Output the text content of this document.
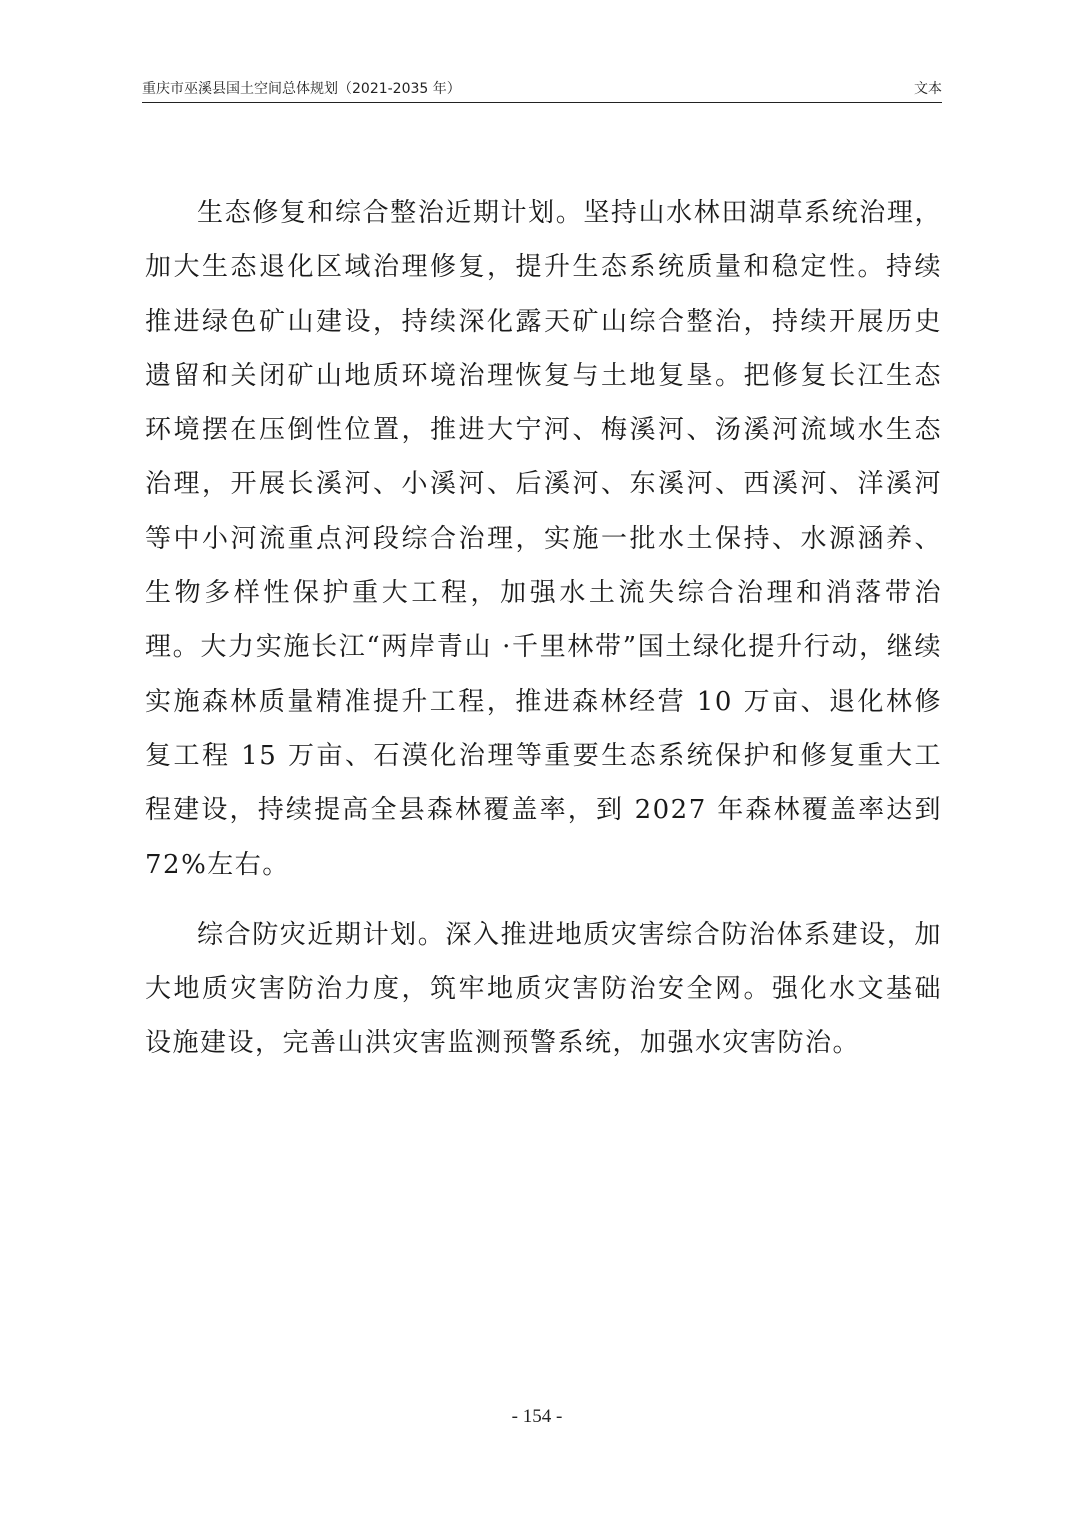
重庆市巫溪县国土空间总体规划（2021-2035 年）	文本

生态修复和综合整治近期计划。坚持山水林田湖草系统治理，加大生态退化区域治理修复，提升生态系统质量和稳定性。持续推进绿色矿山建设，持续深化露天矿山综合整治，持续开展历史遗留和关闭矿山地质环境治理恢复与土地复垦。把修复长江生态环境摆在压倒性位置，推进大宁河、梅溪河、汤溪河流域水生态治理，开展长溪河、小溪河、后溪河、东溪河、西溪河、洋溪河等中小河流重点河段综合治理，实施一批水土保持、水源涵养、生物多样性保护重大工程，加强水土流失综合治理和消落带治理。大力实施长江“两岸青山 ·千里林带”国土绿化提升行动，继续实施森林质量精准提升工程，推进森林经营 10 万亩、退化林修复工程 15 万亩、石漠化治理等重要生态系统保护和修复重大工程建设，持续提高全县森林覆盖率，到 2027 年森林覆盖率达到 72%左右。

综合防灾近期计划。深入推进地质灾害综合防治体系建设，加大地质灾害防治力度，筑牢地质灾害防治安全网。强化水文基础设施建设，完善山洪灾害监测预警系统，加强水灾害防治。

- 154 -
